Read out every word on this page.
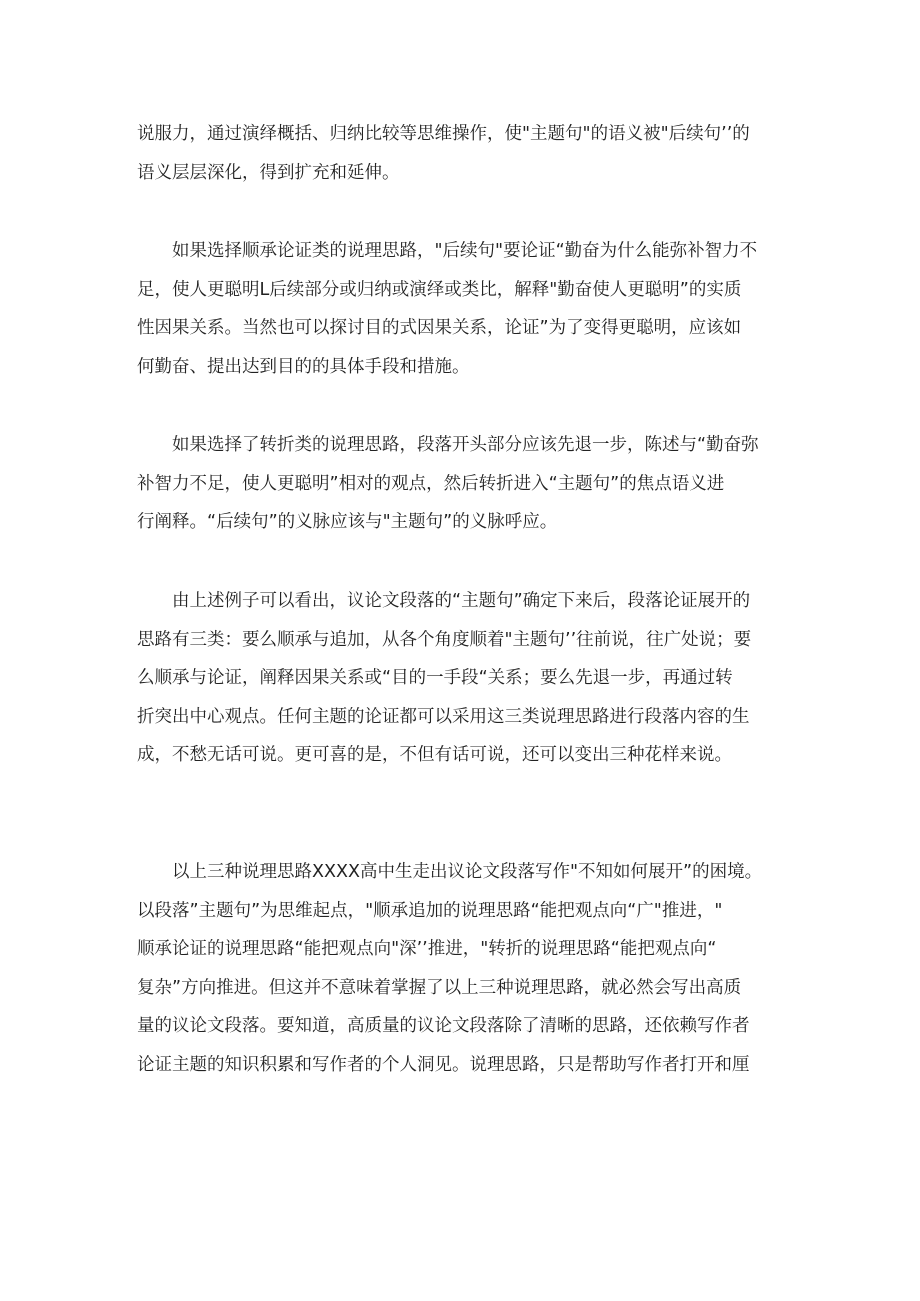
说服力，通过演绎概括、归纳比较等思维操作，使"主题句"的语义被"后续句’’的
语义层层深化，得到扩充和延伸。
如果选择顺承论证类的说理思路，"后续句"要论证“勤奋为什么能弥补智力不
足，使人更聪明L后续部分或归纳或演绎或类比，解释"勤奋使人更聪明”的实质
性因果关系。当然也可以探讨目的式因果关系，论证”为了变得更聪明，应该如
何勤奋、提出达到目的的具体手段和措施。
如果选择了转折类的说理思路，段落开头部分应该先退一步，陈述与“勤奋弥
补智力不足，使人更聪明”相对的观点，然后转折进入“主题句”的焦点语义进
行阐释。“后续句”的义脉应该与"主题句”的义脉呼应。
由上述例子可以看出，议论文段落的“主题句”确定下来后，段落论证展开的
思路有三类：要么顺承与追加，从各个角度顺着"主题句’’往前说，往广处说；要
么顺承与论证，阐释因果关系或“目的一手段“关系；要么先退一步，再通过转
折突出中心观点。任何主题的论证都可以采用这三类说理思路进行段落内容的生
成，不愁无话可说。更可喜的是，不但有话可说，还可以变出三种花样来说。
以上三种说理思路XXXX高中生走出议论文段落写作"不知如何展开”的困境。
以段落”主题句”为思维起点，"顺承追加的说理思路“能把观点向“广"推进，"
顺承论证的说理思路“能把观点向"深’’推进，"转折的说理思路“能把观点向“
复杂”方向推进。但这并不意味着掌握了以上三种说理思路，就必然会写出高质
量的议论文段落。要知道，高质量的议论文段落除了清晰的思路，还依赖写作者
论证主题的知识积累和写作者的个人洞见。说理思路，只是帮助写作者打开和厘
